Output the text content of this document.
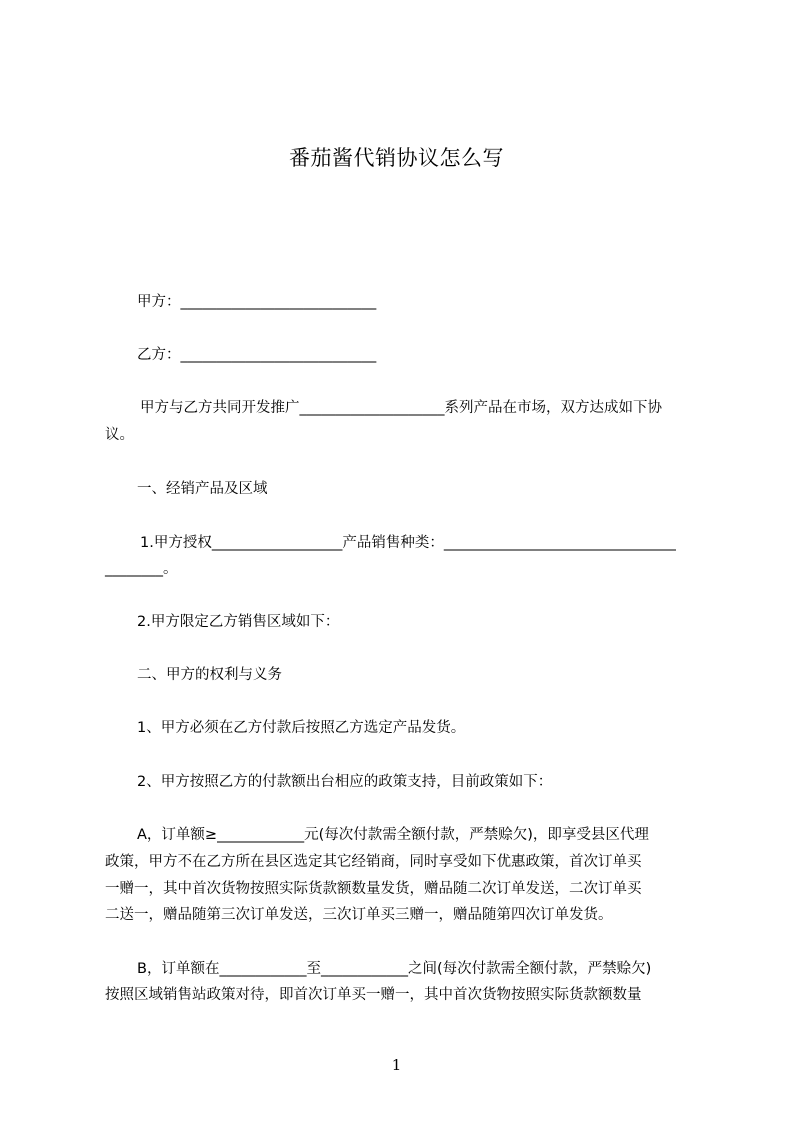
番茄酱代销协议怎么写
甲方：___________________________
乙方：___________________________
甲方与乙方共同开发推广____________________系列产品在市场，双方达成如下协
议。
一、经销产品及区域
1.甲方授权__________________产品销售种类：________________________________
________。
2.甲方限定乙方销售区域如下：
二、甲方的权利与义务
1、甲方必须在乙方付款后按照乙方选定产品发货。
2、甲方按照乙方的付款额出台相应的政策支持，目前政策如下：
A，订单额≥____________元(每次付款需全额付款，严禁赊欠)，即享受县区代理
政策，甲方不在乙方所在县区选定其它经销商，同时享受如下优惠政策，首次订单买
一赠一，其中首次货物按照实际货款额数量发货，赠品随二次订单发送，二次订单买
二送一，赠品随第三次订单发送，三次订单买三赠一，赠品随第四次订单发货。
B，订单额在____________至____________之间(每次付款需全额付款，严禁赊欠)
按照区域销售站政策对待，即首次订单买一赠一，其中首次货物按照实际货款额数量
1
